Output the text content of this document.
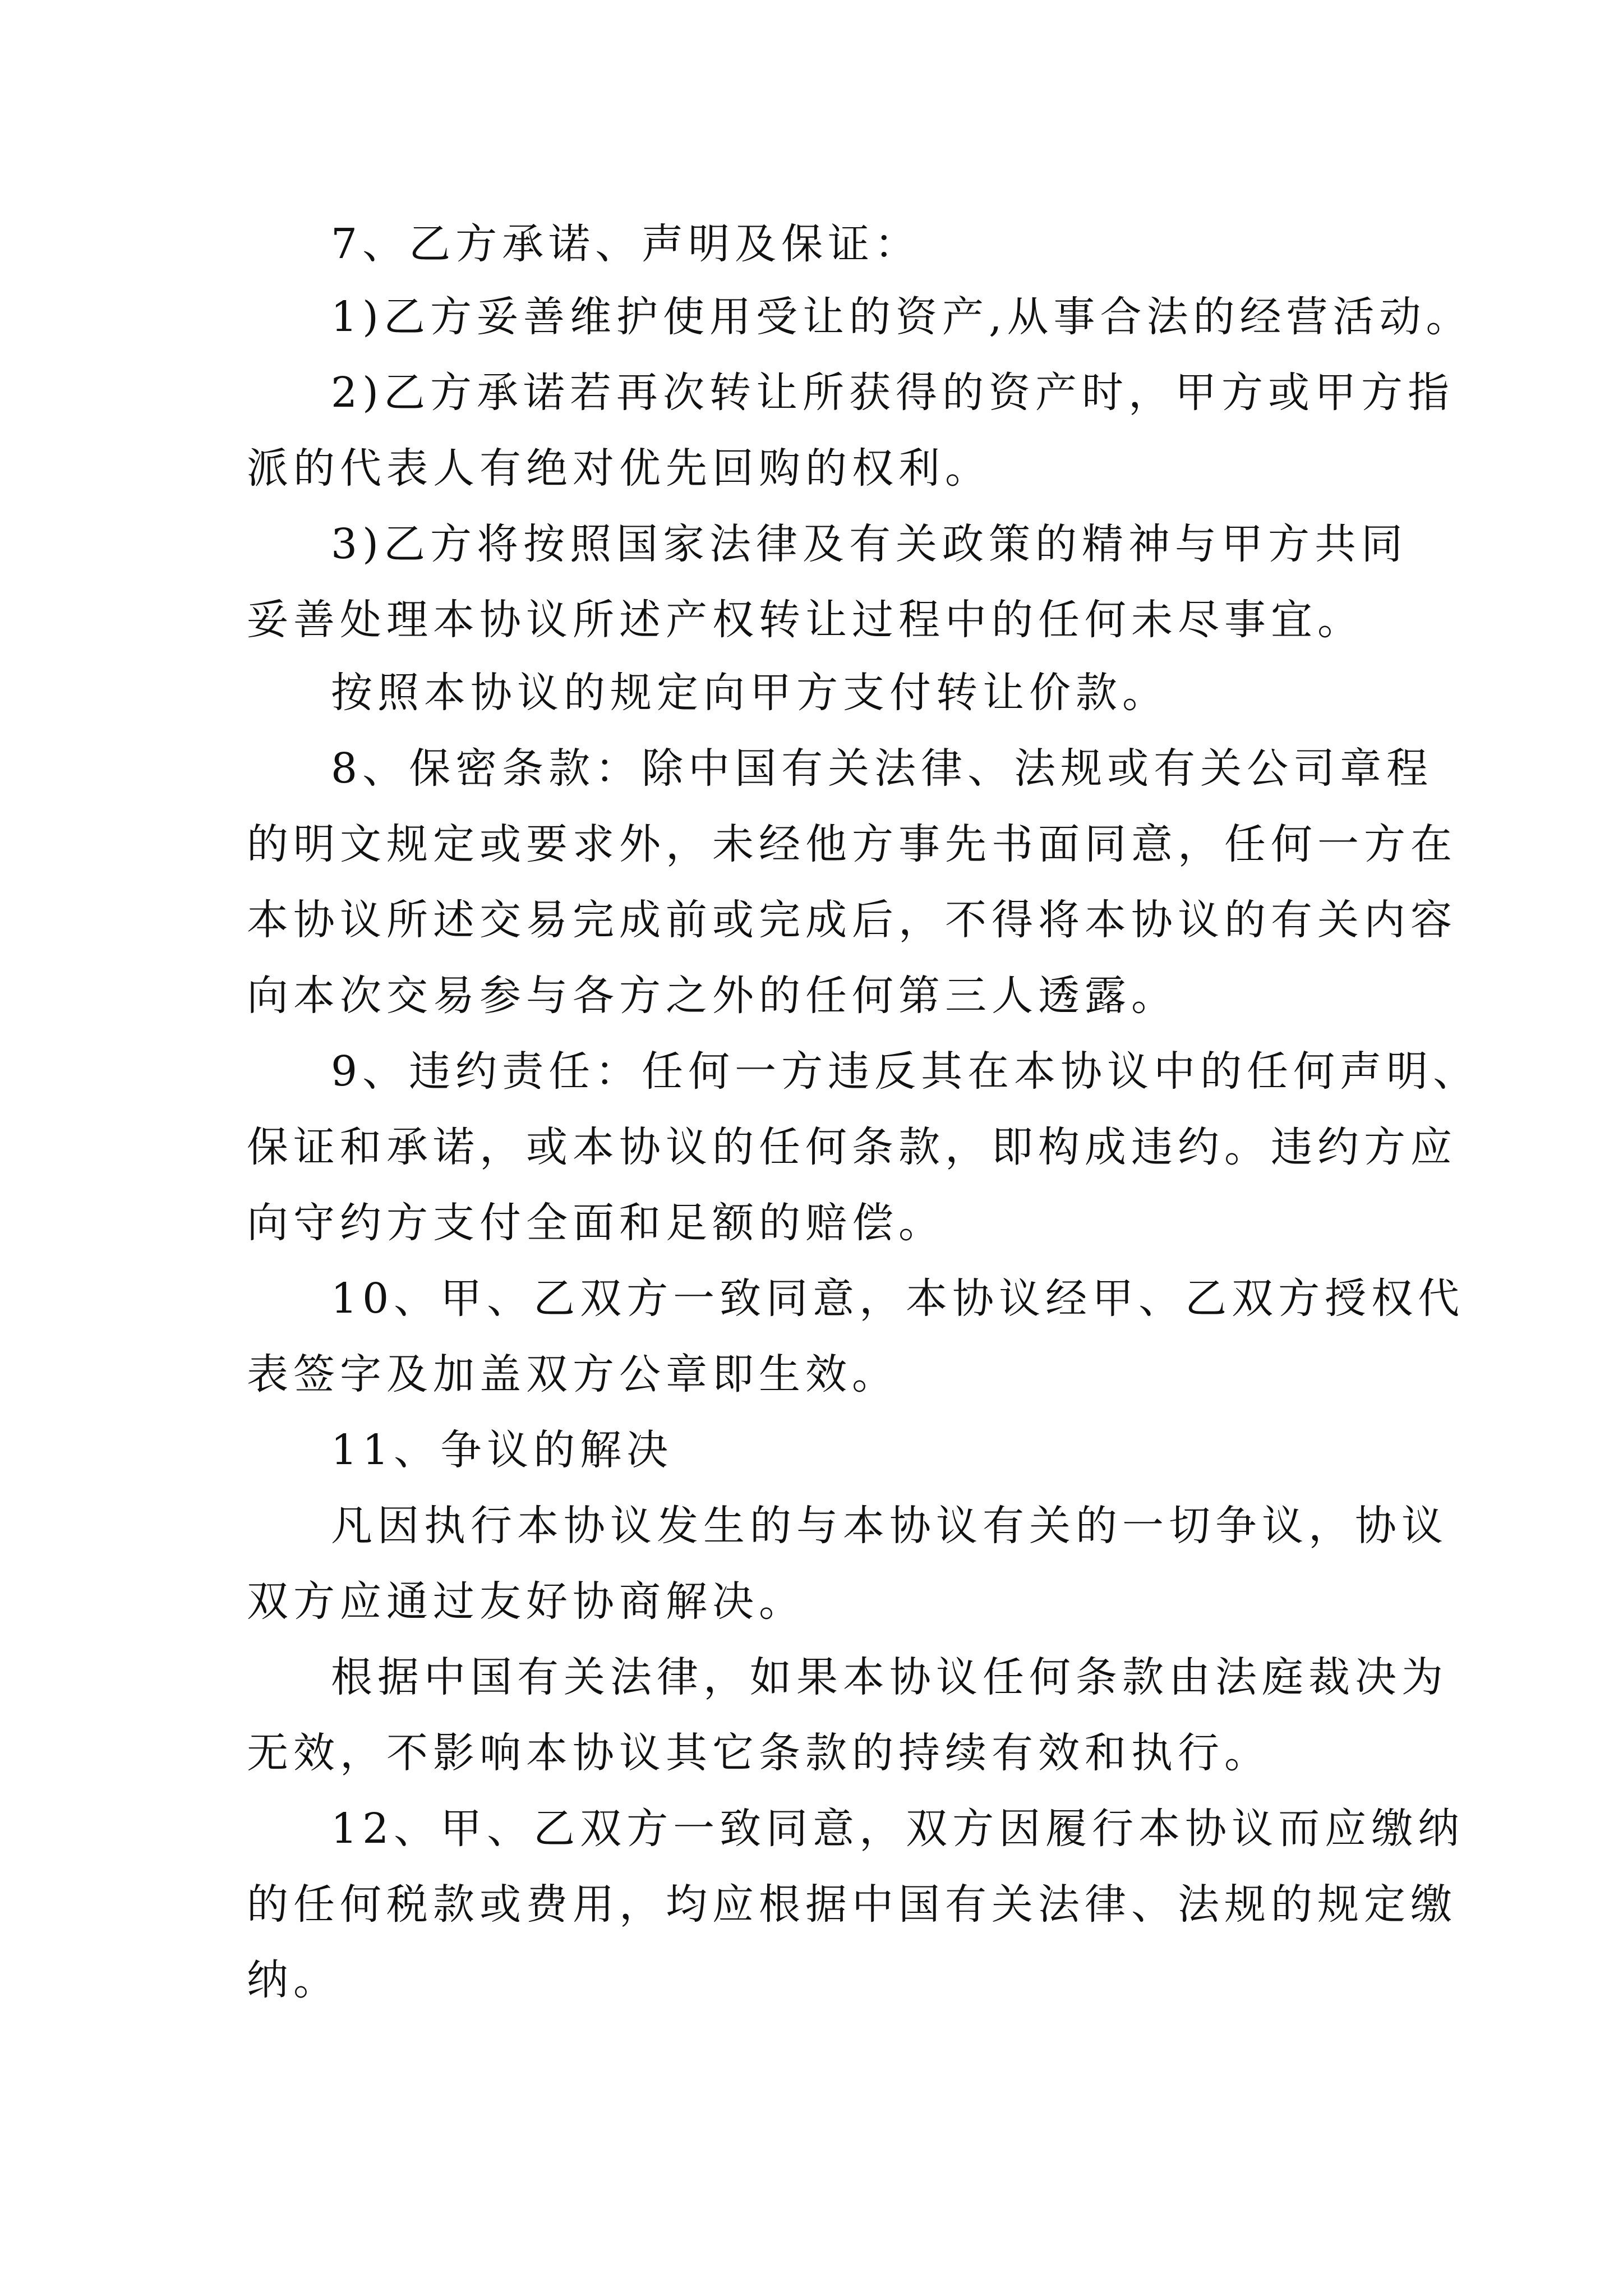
7、乙方承诺、声明及保证：
1)乙方妥善维护使用受让的资产,从事合法的经营活动。
2)乙方承诺若再次转让所获得的资产时，甲方或甲方指
派的代表人有绝对优先回购的权利。
3)乙方将按照国家法律及有关政策的精神与甲方共同
妥善处理本协议所述产权转让过程中的任何未尽事宜。
按照本协议的规定向甲方支付转让价款。
8、保密条款：除中国有关法律、法规或有关公司章程
的明文规定或要求外，未经他方事先书面同意，任何一方在
本协议所述交易完成前或完成后，不得将本协议的有关内容
向本次交易参与各方之外的任何第三人透露。
9、违约责任：任何一方违反其在本协议中的任何声明、
保证和承诺，或本协议的任何条款，即构成违约。违约方应
向守约方支付全面和足额的赔偿。
10、甲、乙双方一致同意，本协议经甲、乙双方授权代
表签字及加盖双方公章即生效。
11、争议的解决
凡因执行本协议发生的与本协议有关的一切争议，协议
双方应通过友好协商解决。
根据中国有关法律，如果本协议任何条款由法庭裁决为
无效，不影响本协议其它条款的持续有效和执行。
12、甲、乙双方一致同意，双方因履行本协议而应缴纳
的任何税款或费用，均应根据中国有关法律、法规的规定缴
纳。
